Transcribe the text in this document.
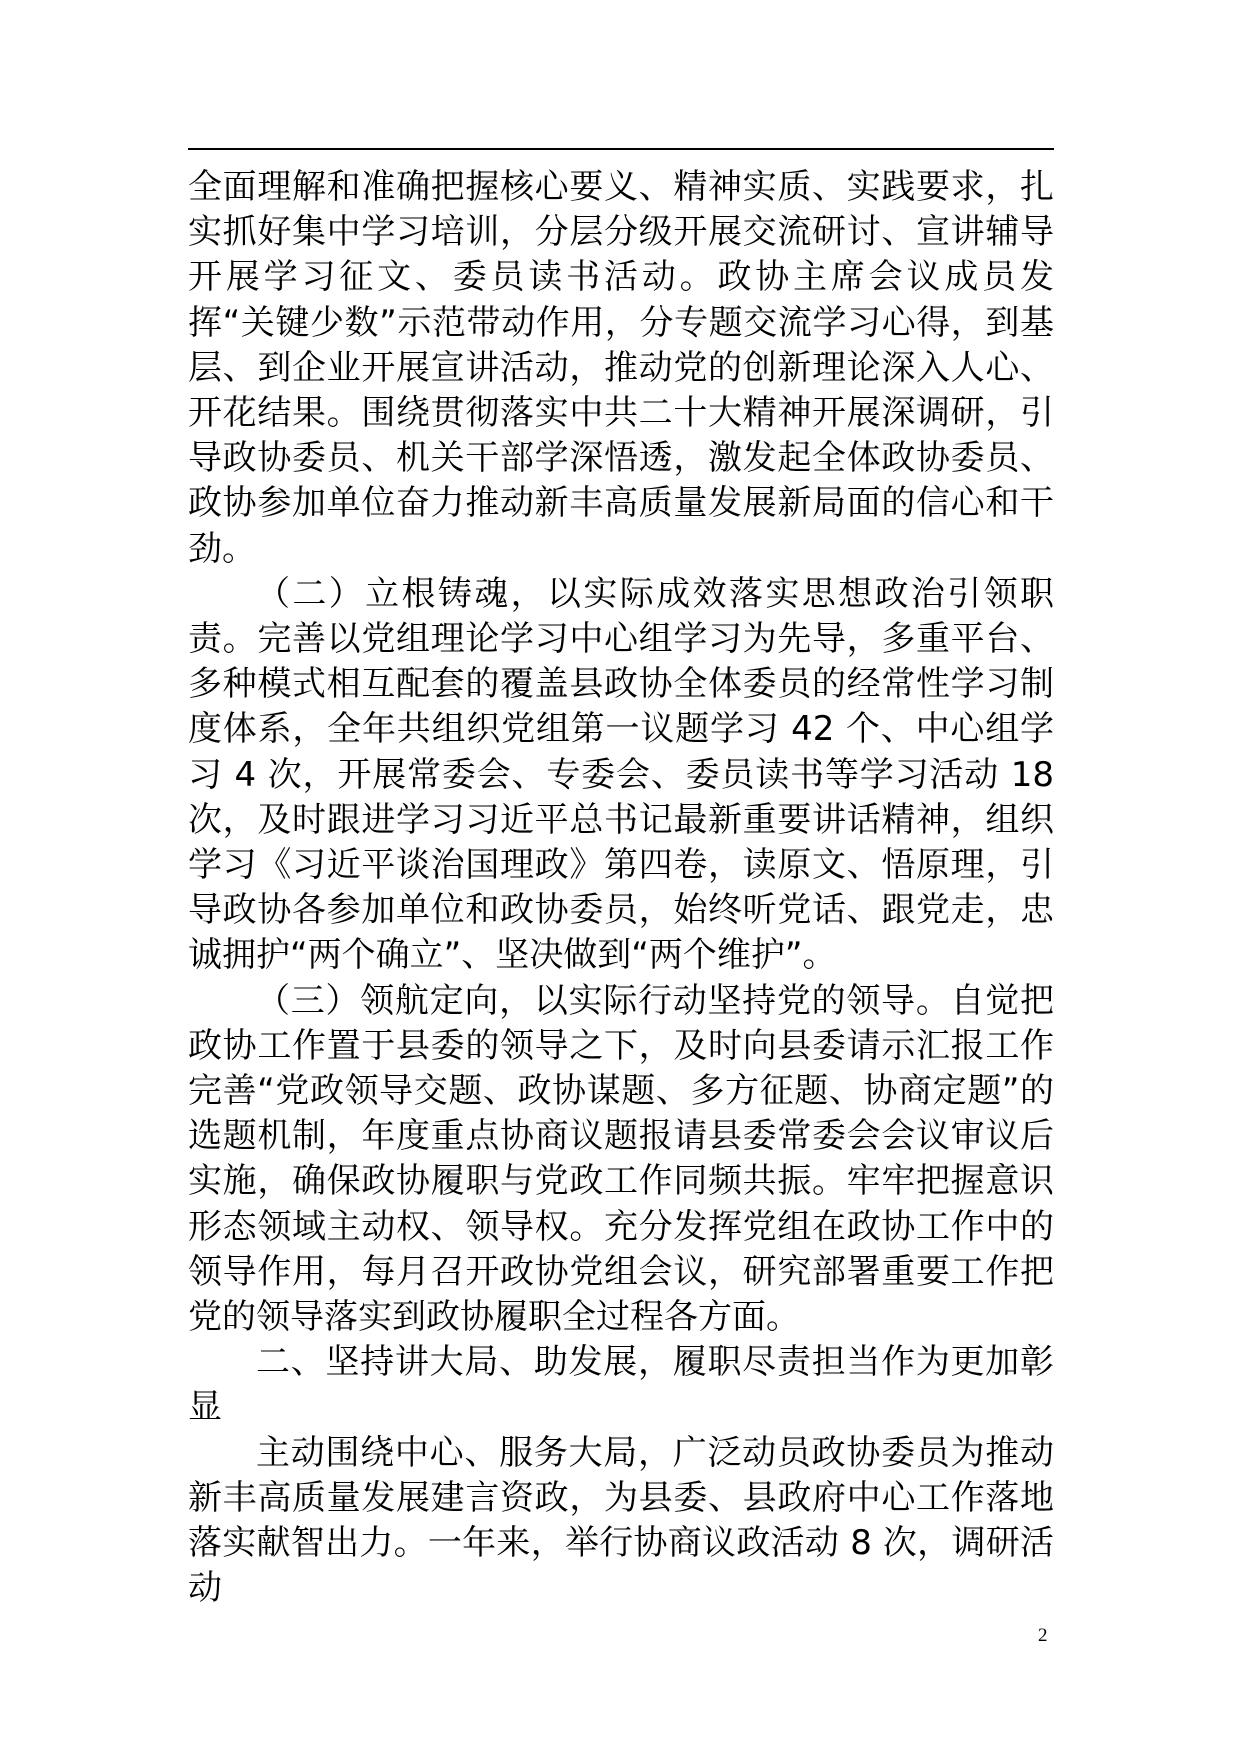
全面理解和准确把握核心要义、精神实质、实践要求，扎实抓好集中学习培训，分层分级开展交流研讨、宣讲辅导开展学习征文、委员读书活动。政协主席会议成员发挥“关键少数”示范带动作用，分专题交流学习心得，到基层、到企业开展宣讲活动，推动党的创新理论深入人心、开花结果。围绕贯彻落实中共二十大精神开展深调研，引导政协委员、机关干部学深悟透，激发起全体政协委员、政协参加单位奋力推动新丰高质量发展新局面的信心和干劲。

（二）立根铸魂，以实际成效落实思想政治引领职责。完善以党组理论学习中心组学习为先导，多重平台、多种模式相互配套的覆盖县政协全体委员的经常性学习制度体系，全年共组织党组第一议题学习 42 个、中心组学习 4 次，开展常委会、专委会、委员读书等学习活动 18 次，及时跟进学习习近平总书记最新重要讲话精神，组织学习《习近平谈治国理政》第四卷，读原文、悟原理，引导政协各参加单位和政协委员，始终听党话、跟党走，忠诚拥护“两个确立”、坚决做到“两个维护”。

（三）领航定向，以实际行动坚持党的领导。自觉把政协工作置于县委的领导之下，及时向县委请示汇报工作完善“党政领导交题、政协谋题、多方征题、协商定题”的选题机制，年度重点协商议题报请县委常委会会议审议后实施，确保政协履职与党政工作同频共振。牢牢把握意识形态领域主动权、领导权。充分发挥党组在政协工作中的领导作用，每月召开政协党组会议，研究部署重要工作把党的领导落实到政协履职全过程各方面。

二、坚持讲大局、助发展，履职尽责担当作为更加彰显

主动围绕中心、服务大局，广泛动员政协委员为推动新丰高质量发展建言资政，为县委、县政府中心工作落地落实献智出力。一年来，举行协商议政活动 8 次，调研活动

2
